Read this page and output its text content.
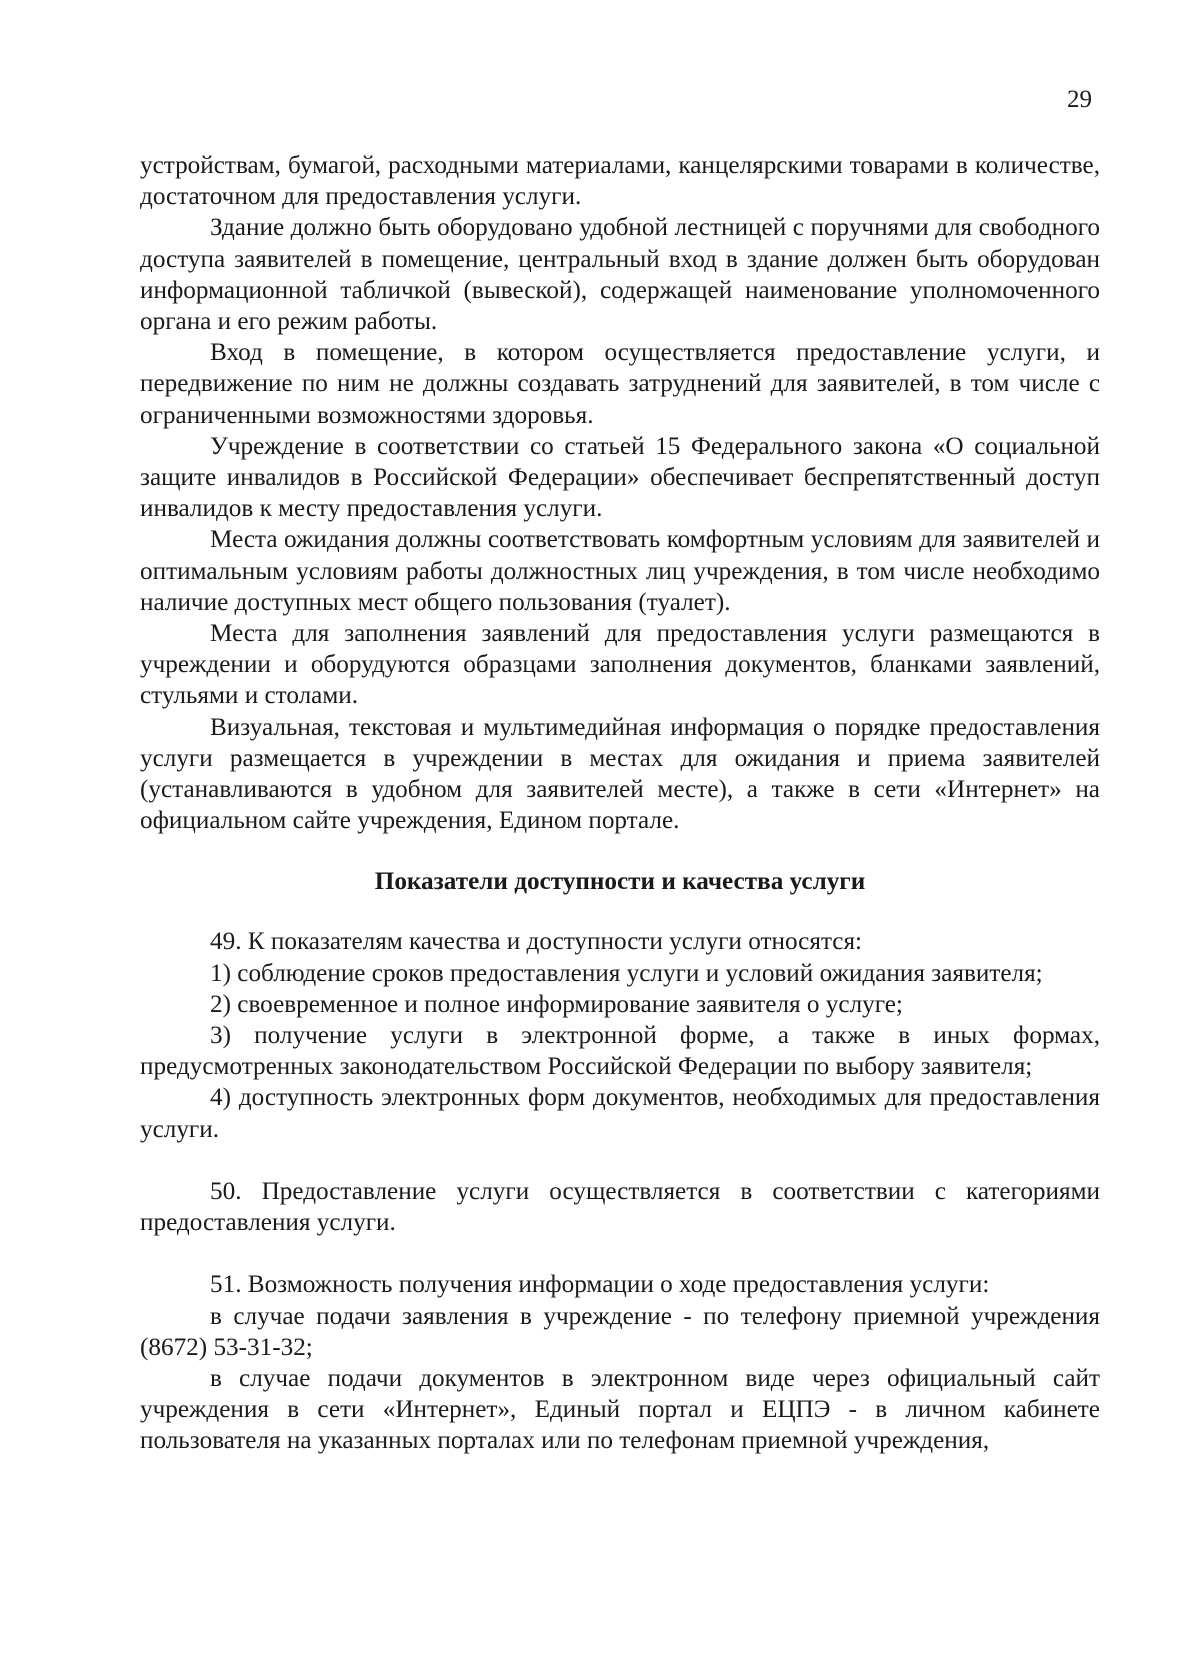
29

устройствам, бумагой, расходными материалами, канцелярскими товарами в количестве, достаточном для предоставления услуги.

Здание должно быть оборудовано удобной лестницей с поручнями для свободного доступа заявителей в помещение, центральный вход в здание должен быть оборудован информационной табличкой (вывеской), содержащей наименование уполномоченного органа и его режим работы.

Вход в помещение, в котором осуществляется предоставление услуги, и передвижение по ним не должны создавать затруднений для заявителей, в том числе с ограниченными возможностями здоровья.

Учреждение в соответствии со статьей 15 Федерального закона «О социальной защите инвалидов в Российской Федерации» обеспечивает беспрепятственный доступ инвалидов к месту предоставления услуги.

Места ожидания должны соответствовать комфортным условиям для заявителей и оптимальным условиям работы должностных лиц учреждения, в том числе необходимо наличие доступных мест общего пользования (туалет).

Места для заполнения заявлений для предоставления услуги размещаются в учреждении и оборудуются образцами заполнения документов, бланками заявлений, стульями и столами.

Визуальная, текстовая и мультимедийная информация о порядке предоставления услуги размещается в учреждении в местах для ожидания и приема заявителей (устанавливаются в удобном для заявителей месте), а также в сети «Интернет» на официальном сайте учреждения, Едином портале.

Показатели доступности и качества услуги

49. К показателям качества и доступности услуги относятся:

1) соблюдение сроков предоставления услуги и условий ожидания заявителя;

2) своевременное и полное информирование заявителя о услуге;

3) получение услуги в электронной форме, а также в иных формах, предусмотренных законодательством Российской Федерации по выбору заявителя;

4) доступность электронных форм документов, необходимых для предоставления услуги.

50. Предоставление услуги осуществляется в соответствии с категориями предоставления услуги.

51. Возможность получения информации о ходе предоставления услуги:

в случае подачи заявления в учреждение - по телефону приемной учреждения (8672) 53-31-32;

в случае подачи документов в электронном виде через официальный сайт учреждения в сети «Интернет», Единый портал и ЕЦПЭ - в личном кабинете пользователя на указанных порталах или по телефонам приемной учреждения,
